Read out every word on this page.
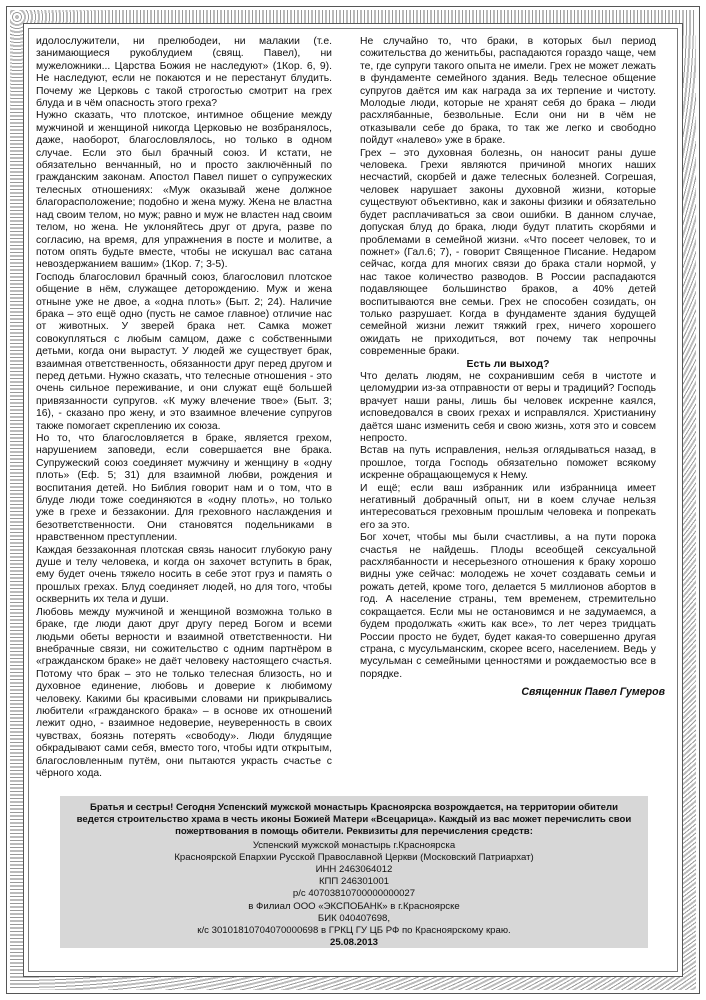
идолослужители, ни прелюбодеи, ни малакии (т.е. занимающиеся рукоблудием (свящ. Павел), ни мужеложники... Царства Божия не наследуют» (1Кор. 6, 9). Не наследуют, если не покаются и не перестанут блудить. Почему же Церковь с такой строгостью смотрит на грех блуда и в чём опасность этого греха?

Нужно сказать, что плотское, интимное общение между мужчиной и женщиной никогда Церковью не возбранялось, даже, наоборот, благословлялось, но только в одном случае. Если это был брачный союз. И кстати, не обязательно венчанный, но и просто заключённый по гражданским законам. Апостол Павел пишет о супружеских телесных отношениях: «Муж оказывай жене должное благорасположение; подобно и жена мужу. Жена не властна над своим телом, но муж; равно и муж не властен над своим телом, но жена. Не уклоняйтесь друг от друга, разве по согласию, на время, для упражнения в посте и молитве, а потом опять будьте вместе, чтобы не искушал вас сатана невоздержанием вашим» (1Кор. 7; 3-5).

Господь благословил брачный союз, благословил плотское общение в нём, служащее деторождению. Муж и жена отныне уже не двое, а «одна плоть» (Быт. 2; 24). Наличие брака – это ещё одно (пусть не самое главное) отличие нас от животных. У зверей брака нет. Самка может совокупляться с любым самцом, даже с собственными детьми, когда они вырастут. У людей же существует брак, взаимная ответственность, обязанности друг перед другом и перед детьми. Нужно сказать, что телесные отношения - это очень сильное переживание, и они служат ещё большей привязанности супругов. «К мужу влечение твое» (Быт. 3; 16), - сказано про жену, и это взаимное влечение супругов также помогает скреплению их союза.

Но то, что благословляется в браке, является грехом, нарушением заповеди, если совершается вне брака. Супружеский союз соединяет мужчину и женщину в «одну плоть» (Еф. 5; 31) для взаимной любви, рождения и воспитания детей. Но Библия говорит нам и о том, что в блуде люди тоже соединяются в «одну плоть», но только уже в грехе и беззаконии. Для греховного наслаждения и безответственности. Они становятся подельниками в нравственном преступлении.

Каждая беззаконная плотская связь наносит глубокую рану душе и телу человека, и когда он захочет вступить в брак, ему будет очень тяжело носить в себе этот груз и память о прошлых грехах. Блуд соединяет людей, но для того, чтобы осквернить их тела и души.

Любовь между мужчиной и женщиной возможна только в браке, где люди дают друг другу перед Богом и всеми людьми обеты верности и взаимной ответственности. Ни внебрачные связи, ни сожительство с одним партнёром в «гражданском браке» не даёт человеку настоящего счастья. Потому что брак – это не только телесная близость, но и духовное единение, любовь и доверие к любимому человеку. Какими бы красивыми словами ни прикрывались любители «гражданского брака» – в основе их отношений лежит одно, - взаимное недоверие, неуверенность в своих чувствах, боязнь потерять «свободу». Люди блудящие обкрадывают сами себя, вместо того, чтобы идти открытым, благословленным путём, они пытаются украсть счастье с чёрного хода.

Не случайно то, что браки, в которых был период сожительства до женитьбы, распадаются гораздо чаще, чем те, где супруги такого опыта не имели. Грех не может лежать в фундаменте семейного здания. Ведь телесное общение супругов даётся им как награда за их терпение и чистоту. Молодые люди, которые не хранят себя до брака – люди расхлябанные, безвольные. Если они ни в чём не отказывали себе до брака, то так же легко и свободно пойдут «налево» уже в браке.

Грех – это духовная болезнь, он наносит раны душе человека. Грехи являются причиной многих наших несчастий, скорбей и даже телесных болезней. Согрешая, человек нарушает законы духовной жизни, которые существуют объективно, как и законы физики и обязательно будет расплачиваться за свои ошибки. В данном случае, допуская блуд до брака, люди будут платить скорбями и проблемами в семейной жизни. «Что посеет человек, то и пожнет» (Гал.6; 7), - говорит Священное Писание. Недаром сейчас, когда для многих связи до брака стали нормой, у нас такое количество разводов. В России распадаются подавляющее большинство браков, а 40% детей воспитываются вне семьи. Грех не способен созидать, он только разрушает. Когда в фундаменте здания будущей семейной жизни лежит тяжкий грех, ничего хорошего ожидать не приходиться, вот почему так непрочны современные браки.

Есть ли выход?

Что делать людям, не сохранившим себя в чистоте и целомудрии из-за отправности от веры и традиций? Господь врачует наши раны, лишь бы человек искренне каялся, исповедовался в своих грехах и исправлялся. Христианину даётся шанс изменить себя и свою жизнь, хотя это и совсем непросто.

Встав на путь исправления, нельзя оглядываться назад, в прошлое, тогда Господь обязательно поможет всякому искренне обращающемуся к Нему.

И ещё; если ваш избранник или избранница имеет негативный добрачный опыт, ни в коем случае нельзя интересоваться греховным прошлым человека и попрекать его за это.

Бог хочет, чтобы мы были счастливы, а на пути порока счастья не найдешь. Плоды всеобщей сексуальной расхлябанности и несерьезного отношения к браку хорошо видны уже сейчас: молодежь не хочет создавать семьи и рожать детей, кроме того, делается 5 миллионов абортов в год. А население страны, тем временем, стремительно сокращается. Если мы не остановимся и не задумаемся, а будем продолжать «жить как все», то лет через тридцать России просто не будет, будет какая-то совершенно другая страна, с мусульманским, скорее всего, населением. Ведь у мусульман с семейными ценностями и рождаемостью все в порядке.

Священник Павел Гумеров

Братья и сестры! Сегодня Успенский мужской монастырь Красноярска возрождается, на территории обители ведется строительство храма в честь иконы Божией Матери «Всецарица». Каждый из вас может перечислить свои пожертвования в помощь обители. Реквизиты для перечисления средств:

Успенский мужской монастырь г.Красноярска

Красноярской Епархии Русской Православной Церкви (Московский Патриархат)

ИНН 2463064012

КПП 246301001

р/с 40703810700000000027

в Филиал ООО «ЭКСПОБАНК» в г.Красноярске

БИК 040407698,

к/с 30101810704070000698 в ГРКЦ ГУ ЦБ РФ по Красноярскому краю.

25.08.2013
